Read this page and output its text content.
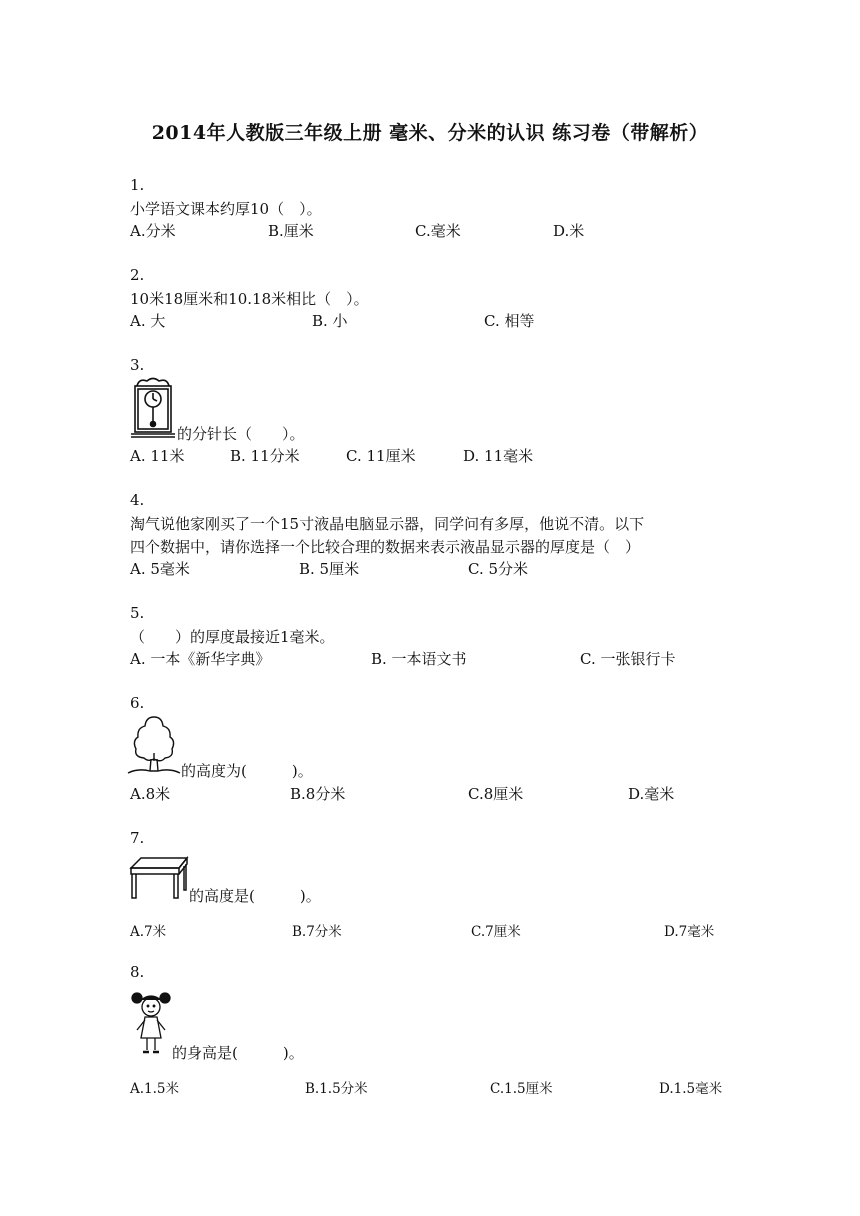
2014年人教版三年级上册 毫米、分米的认识 练习卷（带解析）
1.
小学语文课本约厚10（　）。
A.分米	B.厘米	C.毫米	D.米
2.
10米18厘米和10.18米相比（　）。
A. 大	B. 小	C. 相等
3.
的分针长（　　）。
A. 11米	B. 11分米	C. 11厘米	D. 11毫米
4.
淘气说他家刚买了一个15寸液晶电脑显示器，同学问有多厚，他说不清。以下
四个数据中，请你选择一个比较合理的数据来表示液晶显示器的厚度是（　）
A. 5毫米	B. 5厘米	C. 5分米
5.
（　　）的厚度最接近1毫米。
A. 一本《新华字典》	B. 一本语文书	C. 一张银行卡
6.
的高度为(　　　)。
A.8米	B.8分米	C.8厘米	D.毫米
7.
的高度是(　　　)。
A.7米	B.7分米	C.7厘米	D.7毫米
8.
的身高是(　　　)。
A.1.5米	B.1.5分米	C.1.5厘米	D.1.5毫米
